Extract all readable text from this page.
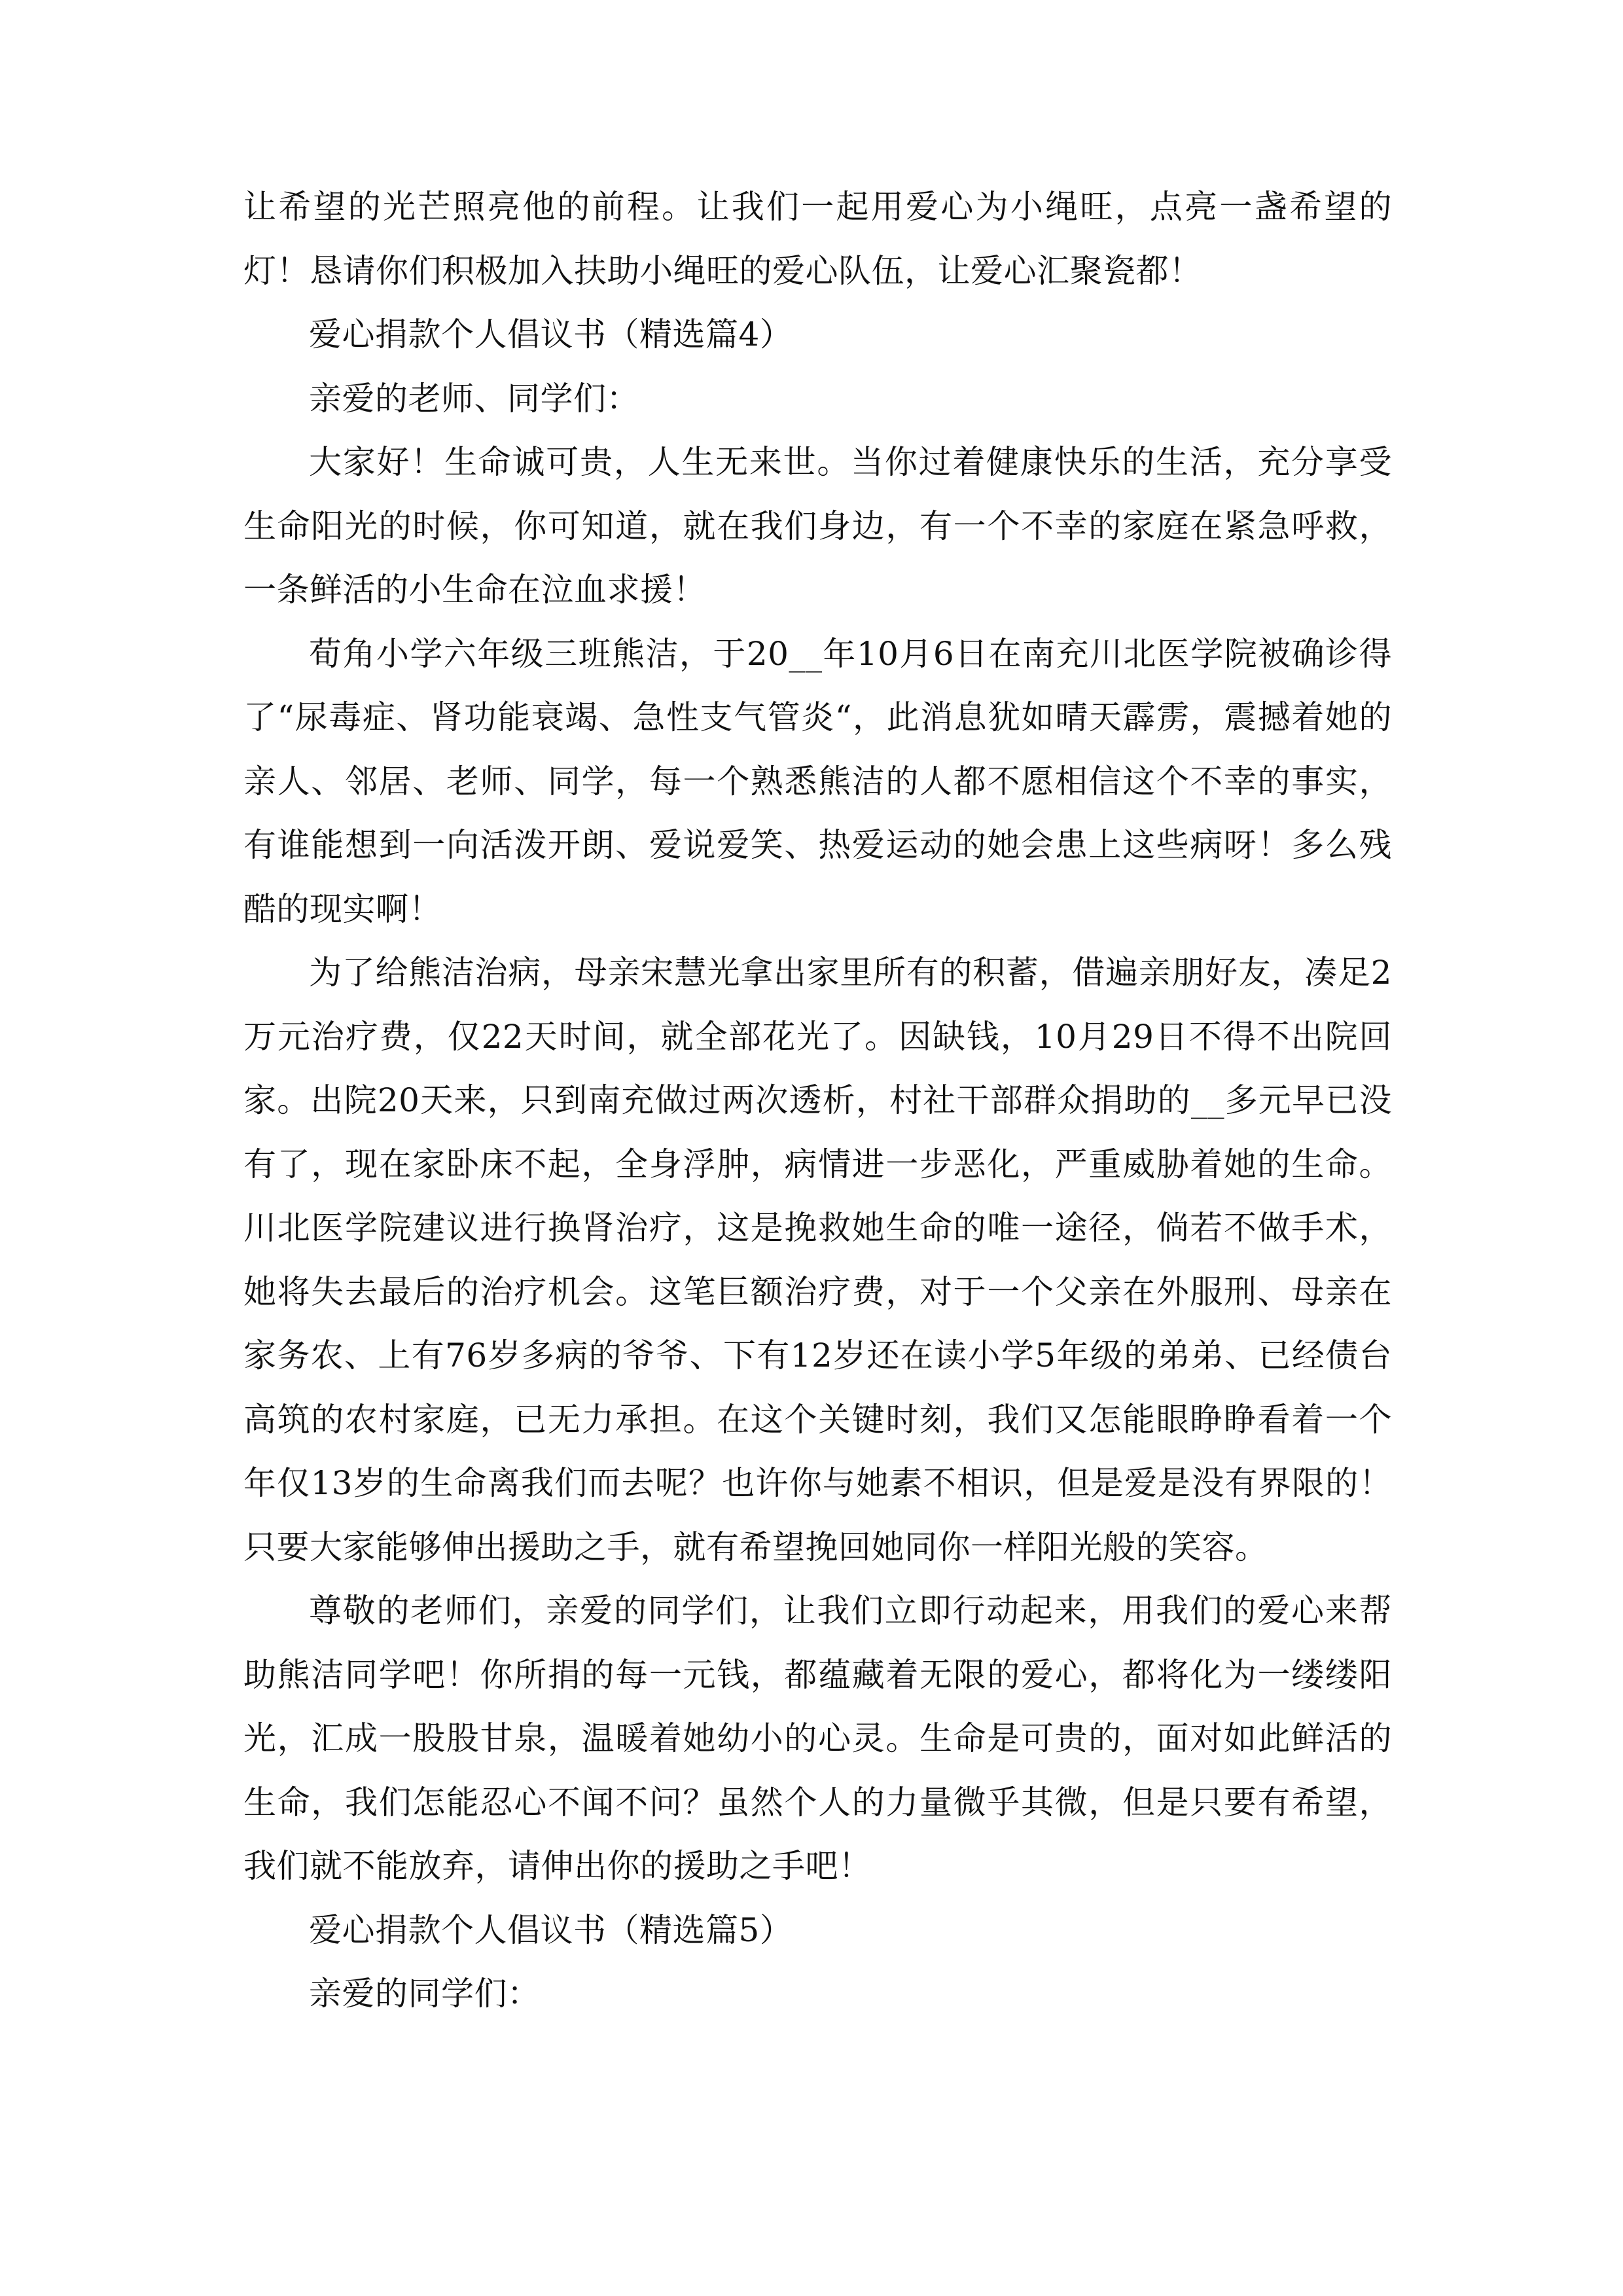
让希望的光芒照亮他的前程。让我们一起用爱心为小绳旺，点亮一盏希望的灯！恳请你们积极加入扶助小绳旺的爱心队伍，让爱心汇聚瓷都！

爱心捐款个人倡议书（精选篇4）

亲爱的老师、同学们：

大家好！生命诚可贵，人生无来世。当你过着健康快乐的生活，充分享受生命阳光的时候，你可知道，就在我们身边，有一个不幸的家庭在紧急呼救，一条鲜活的小生命在泣血求援！

荀角小学六年级三班熊洁，于20__年10月6日在南充川北医学院被确诊得了“尿毒症、肾功能衰竭、急性支气管炎“，此消息犹如晴天霹雳，震撼着她的亲人、邻居、老师、同学，每一个熟悉熊洁的人都不愿相信这个不幸的事实，有谁能想到一向活泼开朗、爱说爱笑、热爱运动的她会患上这些病呀！多么残酷的现实啊！

为了给熊洁治病，母亲宋慧光拿出家里所有的积蓄，借遍亲朋好友，凑足2万元治疗费，仅22天时间，就全部花光了。因缺钱，10月29日不得不出院回家。出院20天来，只到南充做过两次透析，村社干部群众捐助的__多元早已没有了，现在家卧床不起，全身浮肿，病情进一步恶化，严重威胁着她的生命。川北医学院建议进行换肾治疗，这是挽救她生命的唯一途径，倘若不做手术，她将失去最后的治疗机会。这笔巨额治疗费，对于一个父亲在外服刑、母亲在家务农、上有76岁多病的爷爷、下有12岁还在读小学5年级的弟弟、已经债台高筑的农村家庭，已无力承担。在这个关键时刻，我们又怎能眼睁睁看着一个年仅13岁的生命离我们而去呢？也许你与她素不相识，但是爱是没有界限的！只要大家能够伸出援助之手，就有希望挽回她同你一样阳光般的笑容。

尊敬的老师们，亲爱的同学们，让我们立即行动起来，用我们的爱心来帮助熊洁同学吧！你所捐的每一元钱，都蕴藏着无限的爱心，都将化为一缕缕阳光，汇成一股股甘泉，温暖着她幼小的心灵。生命是可贵的，面对如此鲜活的生命，我们怎能忍心不闻不问？虽然个人的力量微乎其微，但是只要有希望，我们就不能放弃，请伸出你的援助之手吧！

爱心捐款个人倡议书（精选篇5）

亲爱的同学们：
